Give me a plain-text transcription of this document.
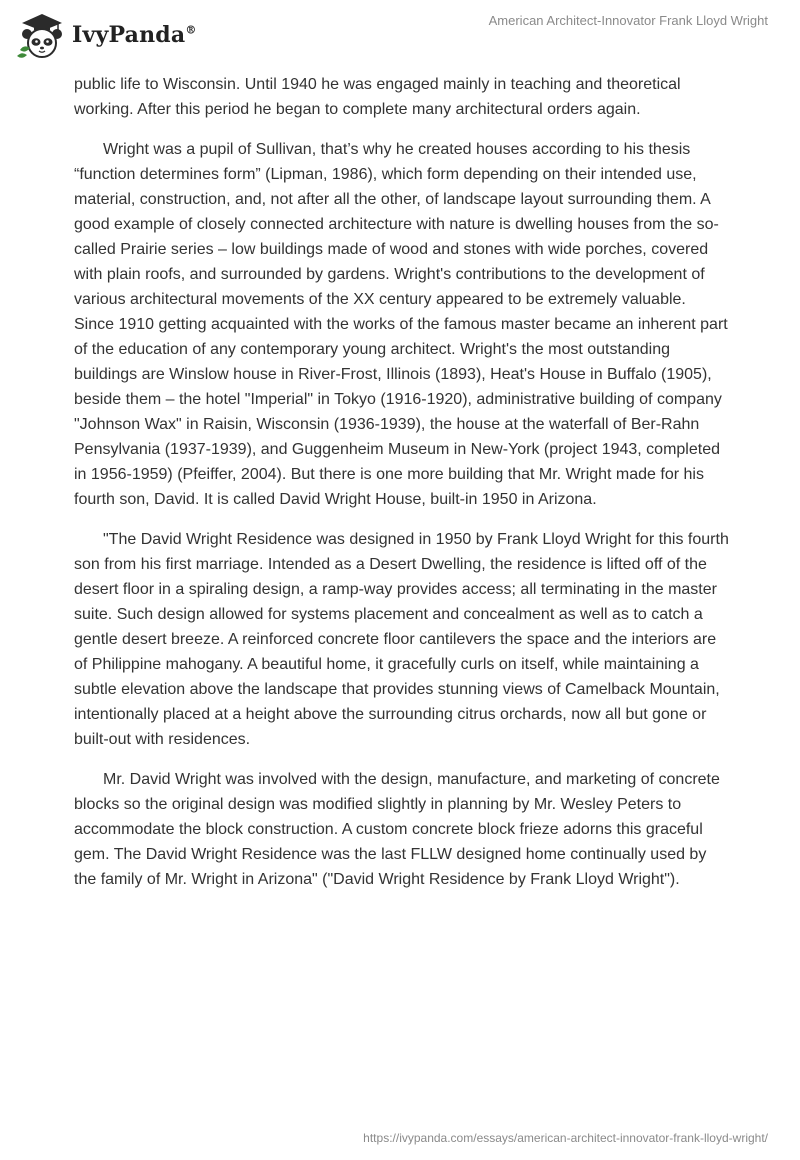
IvyPanda®
American Architect-Innovator Frank Lloyd Wright

public life to Wisconsin. Until 1940 he was engaged mainly in teaching and theoretical working. After this period he began to complete many architectural orders again.

Wright was a pupil of Sullivan, that’s why he created houses according to his thesis “function determines form” (Lipman, 1986), which form depending on their intended use, material, construction, and, not after all the other, of landscape layout surrounding them. A good example of closely connected architecture with nature is dwelling houses from the so-called Prairie series – low buildings made of wood and stones with wide porches, covered with plain roofs, and surrounded by gardens. Wright's contributions to the development of various architectural movements of the XX century appeared to be extremely valuable. Since 1910 getting acquainted with the works of the famous master became an inherent part of the education of any contemporary young architect. Wright's the most outstanding buildings are Winslow house in River-Frost, Illinois (1893), Heat's House in Buffalo (1905), beside them – the hotel "Imperial" in Tokyo (1916-1920), administrative building of company "Johnson Wax" in Raisin, Wisconsin (1936-1939), the house at the waterfall of Ber-Rahn Pensylvania (1937-1939), and Guggenheim Museum in New-York (project 1943, completed in 1956-1959) (Pfeiffer, 2004). But there is one more building that Mr. Wright made for his fourth son, David. It is called David Wright House, built-in 1950 in Arizona.

"The David Wright Residence was designed in 1950 by Frank Lloyd Wright for this fourth son from his first marriage. Intended as a Desert Dwelling, the residence is lifted off of the desert floor in a spiraling design, a ramp-way provides access; all terminating in the master suite. Such design allowed for systems placement and concealment as well as to catch a gentle desert breeze. A reinforced concrete floor cantilevers the space and the interiors are of Philippine mahogany. A beautiful home, it gracefully curls on itself, while maintaining a subtle elevation above the landscape that provides stunning views of Camelback Mountain, intentionally placed at a height above the surrounding citrus orchards, now all but gone or built-out with residences.

Mr. David Wright was involved with the design, manufacture, and marketing of concrete blocks so the original design was modified slightly in planning by Mr. Wesley Peters to accommodate the block construction. A custom concrete block frieze adorns this graceful gem. The David Wright Residence was the last FLLW designed home continually used by the family of Mr. Wright in Arizona" ("David Wright Residence by Frank Lloyd Wright").

https://ivypanda.com/essays/american-architect-innovator-frank-lloyd-wright/
